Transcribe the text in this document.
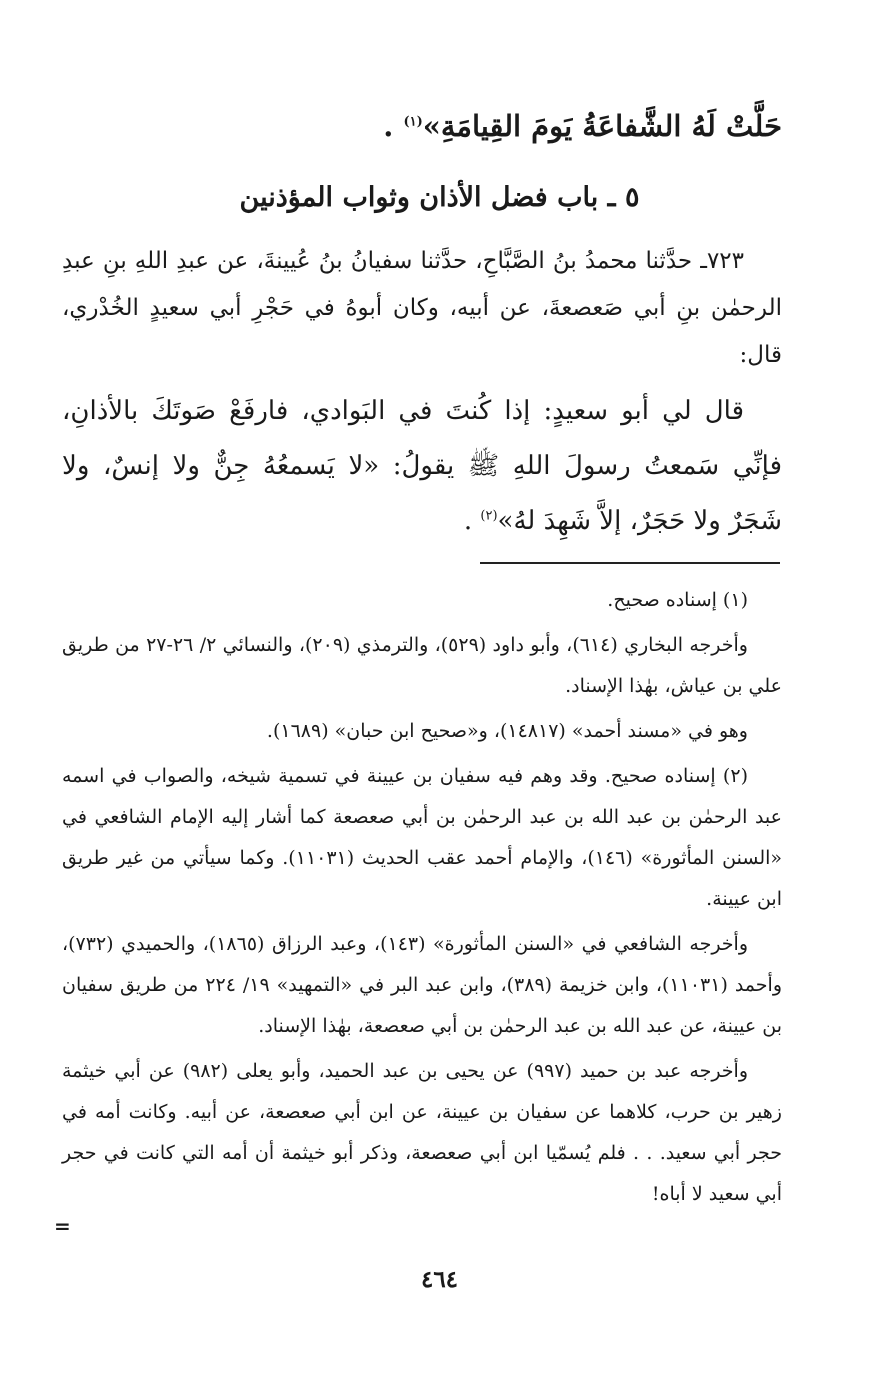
حَلَّتْ لَهُ الشَّفاعَةُ يَومَ القِيامَةِ»$^{(١)}$ .

٥ ـ باب فضل الأذان وثواب المؤذنين

٧٢٣ـ حدَّثنا محمدُ بنُ الصَّبَّاحِ، حدَّثنا سفيانُ بنُ عُيينةَ، عن عبدِ اللهِ بنِ عبدِ الرحمٰن بنِ أبي صَعصعةَ، عن أبيه، وكان أبوهُ في حَجْرِ أبي سعيدٍ الخُدْري، قال:

قال لي أبو سعيدٍ: إذا كُنتَ في البَوادي، فارفَعْ صَوتَكَ بالأذانِ، فإنِّي سَمعتُ رسولَ اللهِ ﷺ يقولُ: «لا يَسمعُهُ جِنٌّ ولا إنسٌ، ولا شَجَرٌ ولا حَجَرٌ، إلاَّ شَهِدَ لهُ»$^{(٢)}$ .

(١) إسناده صحيح.

وأخرجه البخاري (٦١٤)، وأبو داود (٥٢٩)، والترمذي (٢٠٩)، والنسائي ٢/ ٢٦-٢٧ من طريق علي بن عياش، بهٰذا الإسناد.

وهو في «مسند أحمد» (١٤٨١٧)، و«صحيح ابن حبان» (١٦٨٩).

(٢) إسناده صحيح. وقد وهم فيه سفيان بن عيينة في تسمية شيخه، والصواب في اسمه عبد الرحمٰن بن عبد الله بن عبد الرحمٰن بن أبي صعصعة كما أشار إليه الإمام الشافعي في «السنن المأثورة» (١٤٦)، والإمام أحمد عقب الحديث (١١٠٣١). وكما سيأتي من غير طريق ابن عيينة.

وأخرجه الشافعي في «السنن المأثورة» (١٤٣)، وعبد الرزاق (١٨٦٥)، والحميدي (٧٣٢)، وأحمد (١١٠٣١)، وابن خزيمة (٣٨٩)، وابن عبد البر في «التمهيد» ١٩/ ٢٢٤ من طريق سفيان بن عيينة، عن عبد الله بن عبد الرحمٰن بن أبي صعصعة، بهٰذا الإسناد.

وأخرجه عبد بن حميد (٩٩٧) عن يحيى بن عبد الحميد، وأبو يعلى (٩٨٢) عن أبي خيثمة زهير بن حرب، كلاهما عن سفيان بن عيينة، عن ابن أبي صعصعة، عن أبيه. وكانت أمه في حجر أبي سعيد. . . فلم يُسمّيا ابن أبي صعصعة، وذكر أبو خيثمة أن أمه التي كانت في حجر أبي سعيد لا أباه!

=
٤٦٤
